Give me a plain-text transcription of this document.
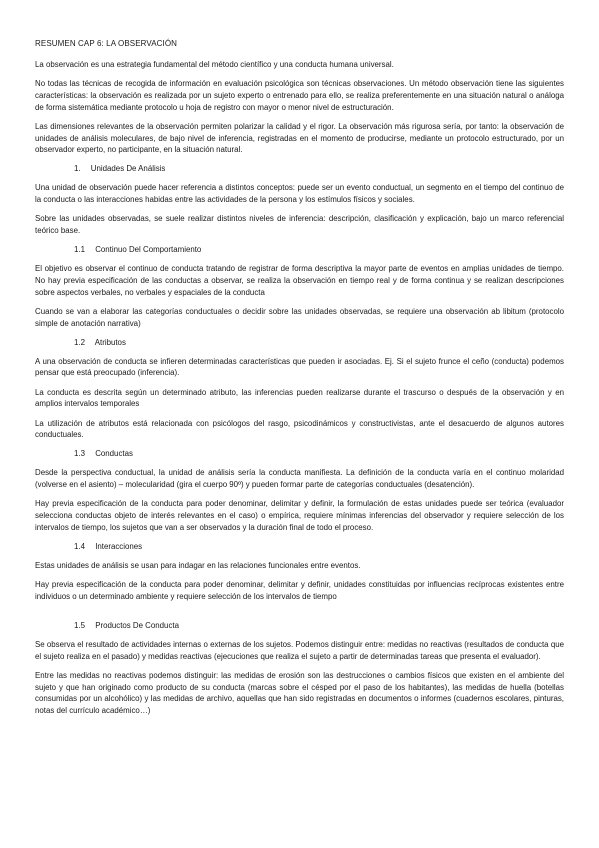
RESUMEN CAP 6: LA OBSERVACIÓN

La observación es una estrategia fundamental del método científico y una conducta humana universal.

No todas las técnicas de recogida de información en evaluación psicológica son técnicas observaciones. Un método observación tiene las siguientes características: la observación es realizada por un sujeto experto o entrenado para ello, se realiza preferentemente en una situación natural o análoga de forma sistemática mediante protocolo u hoja de registro con mayor o menor nivel de estructuración.

Las dimensiones relevantes de la observación permiten polarizar la calidad y el rigor. La observación más rigurosa sería, por tanto: la observación de unidades de análisis moleculares, de bajo nivel de inferencia, registradas en el momento de producirse, mediante un protocolo estructurado, por un observador experto, no participante, en la situación natural.

1. Unidades De Análisis

Una unidad de observación puede hacer referencia a distintos conceptos: puede ser un evento conductual, un segmento en el tiempo del continuo de la conducta o las interacciones habidas entre las actividades de la persona y los estímulos físicos y sociales.

Sobre las unidades observadas, se suele realizar distintos niveles de inferencia: descripción, clasificación y explicación, bajo un marco referencial teórico base.

1.1 Continuo Del Comportamiento

El objetivo es observar el continuo de conducta tratando de registrar de forma descriptiva la mayor parte de eventos en amplias unidades de tiempo. No hay previa especificación de las conductas a observar, se realiza la observación en tiempo real y de forma continua y se realizan descripciones sobre aspectos verbales, no verbales y espaciales de la conducta

Cuando se van a elaborar las categorías conductuales o decidir sobre las unidades observadas, se requiere una observación ab libitum (protocolo simple de anotación narrativa)

1.2 Atributos

A una observación de conducta se infieren determinadas características que pueden ir asociadas. Ej. Si el sujeto frunce el ceño (conducta) podemos pensar que está preocupado (inferencia).

La conducta es descrita según un determinado atributo, las inferencias pueden realizarse durante el trascurso o después de la observación y en amplios intervalos temporales

La utilización de atributos está relacionada con psicólogos del rasgo, psicodinámicos y constructivistas, ante el desacuerdo de algunos autores conductuales.

1.3 Conductas

Desde la perspectiva conductual, la unidad de análisis sería la conducta manifiesta. La definición de la conducta varía en el continuo molaridad (volverse en el asiento) – molecularidad (gira el cuerpo 90º) y pueden formar parte de categorías conductuales (desatención).

Hay previa especificación de la conducta para poder denominar, delimitar y definir, la formulación de estas unidades puede ser teórica (evaluador selecciona conductas objeto de interés relevantes en el caso) o empírica, requiere mínimas inferencias del observador y requiere selección de los intervalos de tiempo, los sujetos que van a ser observados y la duración final de todo el proceso.

1.4 Interacciones

Estas unidades de análisis se usan para indagar en las relaciones funcionales entre eventos.

Hay previa especificación de la conducta para poder denominar, delimitar y definir, unidades constituidas por influencias recíprocas existentes entre individuos o un determinado ambiente y requiere selección de los intervalos de tiempo

1.5 Productos De Conducta

Se observa el resultado de actividades internas o externas de los sujetos. Podemos distinguir entre: medidas no reactivas (resultados de conducta que el sujeto realiza en el pasado) y medidas reactivas (ejecuciones que realiza el sujeto a partir de determinadas tareas que presenta el evaluador).

Entre las medidas no reactivas podemos distinguir: las medidas de erosión son las destrucciones o cambios físicos que existen en el ambiente del sujeto y que han originado como producto de su conducta (marcas sobre el césped por el paso de los habitantes), las medidas de huella (botellas consumidas por un alcohólico) y las medidas de archivo, aquellas que han sido registradas en documentos o informes (cuadernos escolares, pinturas, notas del currículo académico…)
